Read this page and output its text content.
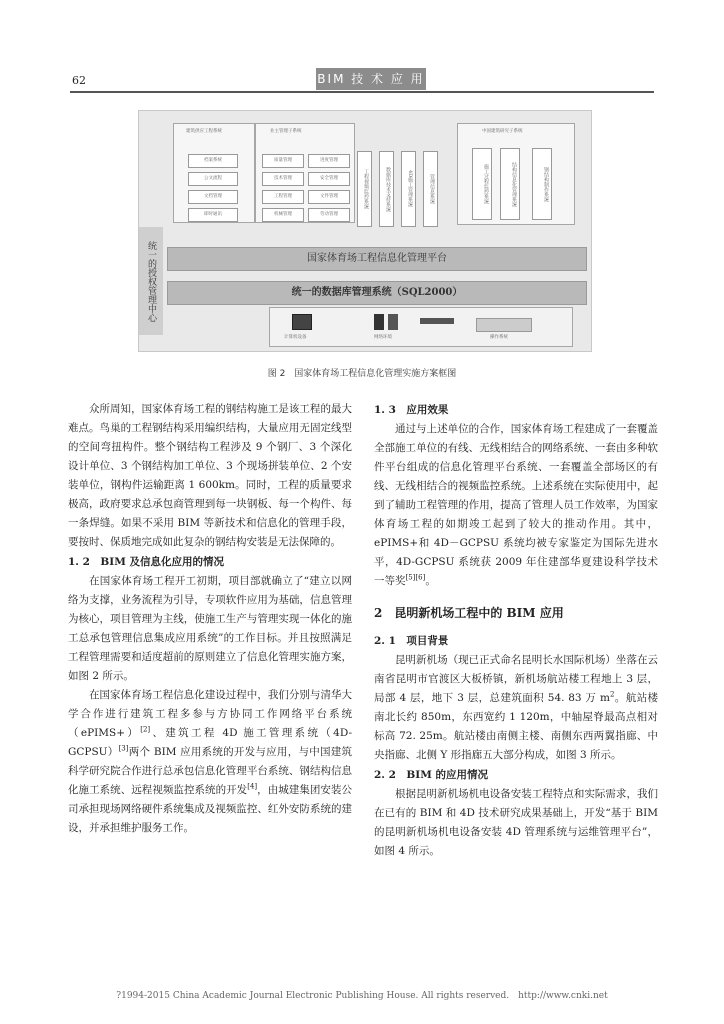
62	BIM 技 术 应 用
建筑供应工程系统
档案系统
公文流程
文档管理
即时通讯
业主管理子系统
质量管理
技术管理
工程管理
机械管理
进度管理
安全管理
文件管理
劳动管理
工程视频监控系统	数据库技术支持系统	4D施工管理系统	管理信息系统
中国建筑研究子系统
施工过程监控系统	结构信息化管理系统	钢结构制作系统
统一的授权管理中心	国家体育场工程信息化管理平台
统一的数据库管理系统（SQL2000）
计算机设备	网络环境	操作系统
图 2　国家体育场工程信息化管理实施方案框图

众所周知，国家体育场工程的钢结构施工是该工程的最大难点。鸟巢的工程钢结构采用编织结构，大量应用无固定线型的空间弯扭构件。整个钢结构工程涉及 9 个钢厂、3 个深化设计单位、3 个钢结构加工单位、3 个现场拼装单位、2 个安装单位，钢构件运输距离 1 600km。同时，工程的质量要求极高，政府要求总承包商管理到每一块钢板、每一个构件、每一条焊缝。如果不采用 BIM 等新技术和信息化的管理手段，要按时、保质地完成如此复杂的钢结构安装是无法保障的。

1. 2　BIM 及信息化应用的情况

在国家体育场工程开工初期，项目部就确立了“建立以网络为支撑，业务流程为引导，专项软件应用为基础，信息管理为核心，项目管理为主线，使施工生产与管理实现一体化的施工总承包管理信息集成应用系统”的工作目标。并且按照满足工程管理需要和适度超前的原则建立了信息化管理实施方案，如图 2 所示。

在国家体育场工程信息化建设过程中，我们分别与清华大学合作进行建筑工程多参与方协同工作网络平台系统（ePIMS+）[2]、建筑工程 4D 施工管理系统（4D-GCPSU）[3]两个 BIM 应用系统的开发与应用，与中国建筑科学研究院合作进行总承包信息化管理平台系统、钢结构信息化施工系统、远程视频监控系统的开发[4]，由城建集团安装公司承担现场网络硬件系统集成及视频监控、红外安防系统的建设，并承担维护服务工作。

1. 3　应用效果

通过与上述单位的合作，国家体育场工程建成了一套覆盖全部施工单位的有线、无线相结合的网络系统、一套由多种软件平台组成的信息化管理平台系统、一套覆盖全部场区的有线、无线相结合的视频监控系统。上述系统在实际使用中，起到了辅助工程管理的作用，提高了管理人员工作效率，为国家体育场工程的如期竣工起到了较大的推动作用。其中，ePIMS+和 4D－GCPSU 系统均被专家鉴定为国际先进水平，4D-GCPSU 系统获 2009 年住建部华夏建设科学技术一等奖[5][6]。

2　昆明新机场工程中的 BIM 应用
2. 1　项目背景

昆明新机场（现已正式命名昆明长水国际机场）坐落在云南省昆明市官渡区大板桥镇，新机场航站楼工程地上 3 层，局部 4 层，地下 3 层，总建筑面积 54. 83 万 $m^2$。航站楼南北长约 850m，东西宽约 1 120m，中轴屋脊最高点相对标高 72. 25m。航站楼由南侧主楼、南侧东西两翼指廊、中央指廊、北侧 Y 形指廊五大部分构成，如图 3 所示。

2. 2　BIM 的应用情况

根据昆明新机场机电设备安装工程特点和实际需求，我们在已有的 BIM 和 4D 技术研究成果基础上，开发“基于 BIM 的昆明新机场机电设备安装 4D 管理系统与运维管理平台”，如图 4 所示。

?1994-2015 China Academic Journal Electronic Publishing House. All rights reserved.　http://www.cnki.net
